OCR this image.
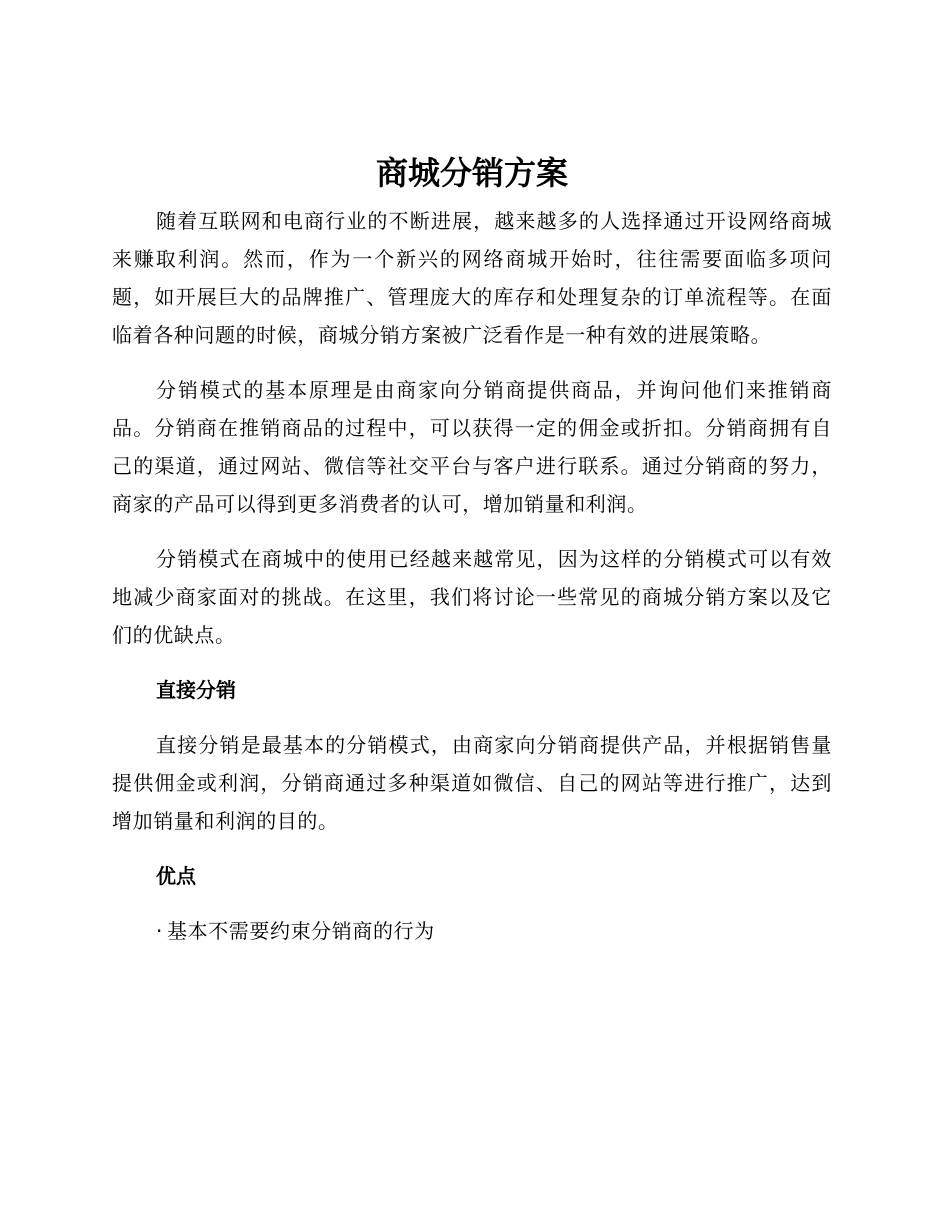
商城分销方案

随着互联网和电商行业的不断进展，越来越多的人选择通过开设网络商城来赚取利润。然而，作为一个新兴的网络商城开始时，往往需要面临多项问题，如开展巨大的品牌推广、管理庞大的库存和处理复杂的订单流程等。在面临着各种问题的时候，商城分销方案被广泛看作是一种有效的进展策略。

分销模式的基本原理是由商家向分销商提供商品，并询问他们来推销商品。分销商在推销商品的过程中，可以获得一定的佣金或折扣。分销商拥有自己的渠道，通过网站、微信等社交平台与客户进行联系。通过分销商的努力，商家的产品可以得到更多消费者的认可，增加销量和利润。

分销模式在商城中的使用已经越来越常见，因为这样的分销模式可以有效地减少商家面对的挑战。在这里，我们将讨论一些常见的商城分销方案以及它们的优缺点。

直接分销

直接分销是最基本的分销模式，由商家向分销商提供产品，并根据销售量提供佣金或利润，分销商通过多种渠道如微信、自己的网站等进行推广，达到增加销量和利润的目的。

优点
· 基本不需要约束分销商的行为
